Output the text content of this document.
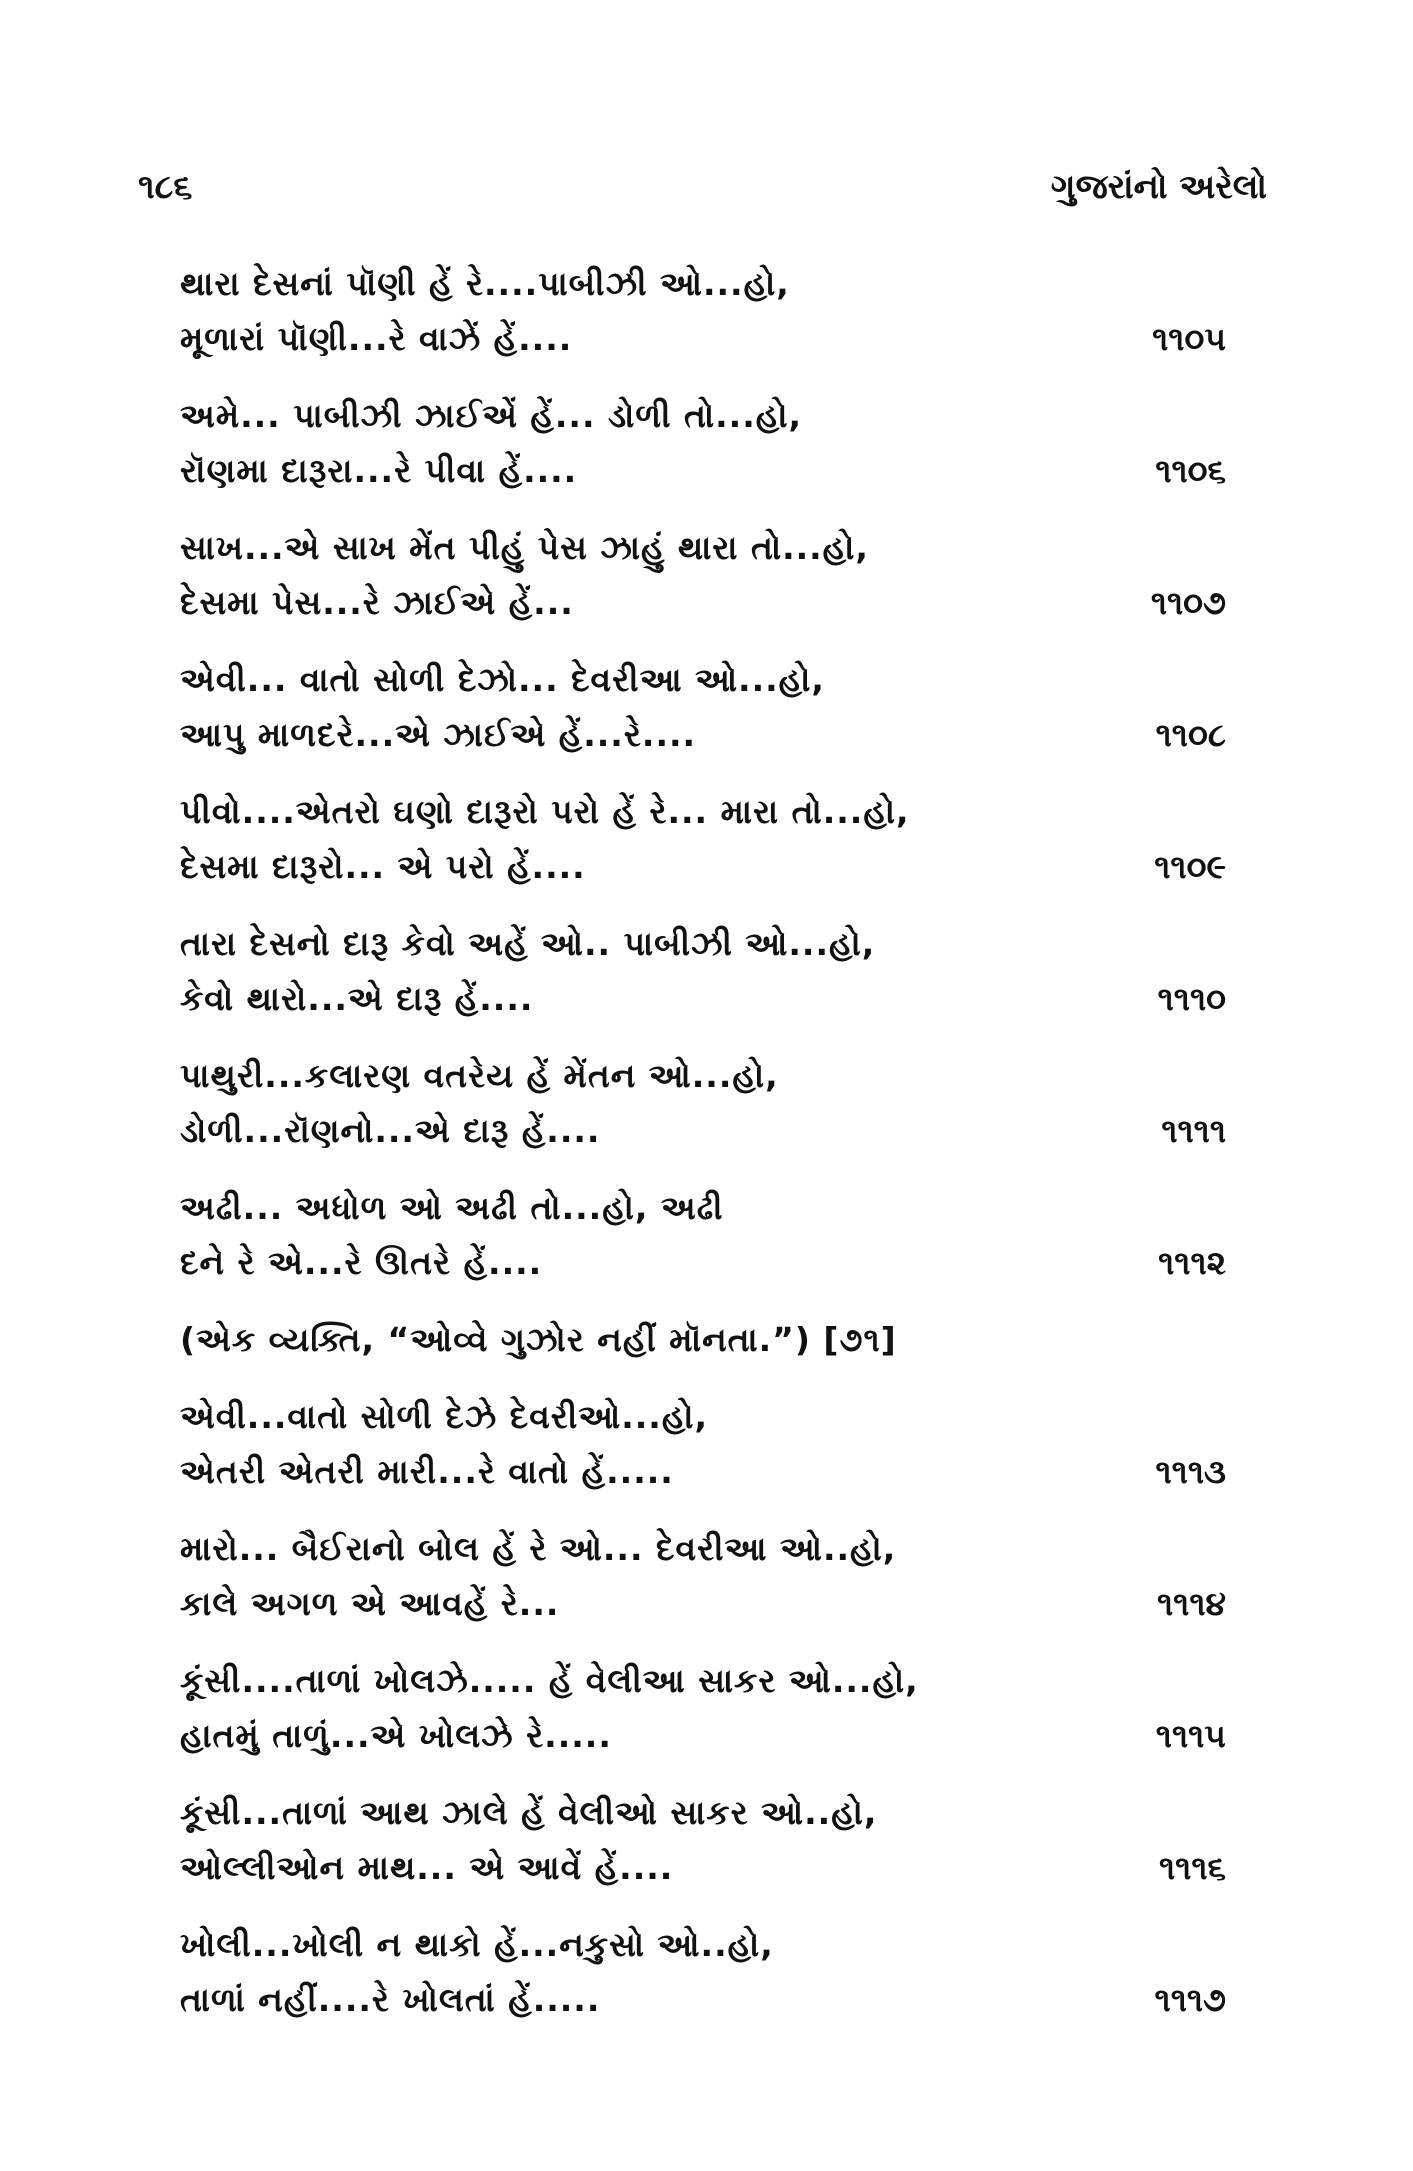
૧૮૬	ગુજરાંનો અરેલો
થારા દેસનાં પૉણી હેં રે....પાબીઝી ઓ...હો,
મૂળારાં પૉણી...રે વાઝેં હેં....	૧૧૦૫
અમે... પાબીઝી ઝાઈએં હેં... ડોળી તો...હો,
રૉણમા દારૂરા...રે પીવા હેં....	૧૧૦૬
સાખ...એ સાખ મેંત પીહું પેસ ઝાહું થારા તો...હો,
દેસમા પેસ...રે ઝાઈએ હેં...	૧૧૦૭
એવી... વાતો સોળી દેઝો... દેવરીઆ ઓ...હો,
આપુ માળદરે...એ ઝાઈએ હેં...રે....	૧૧૦૮
પીવો....એતરો ઘણો દારૂરો પરો હેં રે... મારા તો...હો,
દેસમા દારૂરો... એ પરો હેં....	૧૧૦૯
તારા દેસનો દારૂ કેવો અહેં ઓ.. પાબીઝી ઓ...હો,
કેવો થારો...એ દારૂ હેં....	૧૧૧૦
પાથુરી...કલારણ વતરેય હેં મેંતન ઓ...હો,
ડોળી...રૉણનો...એ દારૂ હેં....	૧૧૧૧
અઢી... અધોળ ઓ અઢી તો...હો, અઢી
દને રે એ...રે ઊતરે હેં....	૧૧૧૨
(એક વ્યક્તિ, “ઓવ્વે ગુઝોર નહીં મૉનતા.”) [૭૧]
એવી...વાતો સોળી દેઝે દેવરીઓ...હો,
એતરી એતરી મારી...રે વાતો હેં.....	૧૧૧૩
મારો... બૈઈરાનો બોલ હેં રે ઓ... દેવરીઆ ઓ..હો,
કાલે અગળ એ આવહેં રે...	૧૧૧૪
કૂંસી....તાળાં ખોલઝે..... હેં વેલીઆ સાકર ઓ...હો,
હાતમું તાળું...એ ખોલઝે રે.....	૧૧૧૫
કૂંસી...તાળાં આથ ઝાલે હેં વેલીઓ સાકર ઓ..હો,
ઓલ્લીઓન માથ... એ આવેં હેં....	૧૧૧૬
ખોલી...ખોલી ન થાકો હેં...નકુસો ઓ..હો,
તાળાં નહીં....રે ખોલતાં હેં.....	૧૧૧૭
